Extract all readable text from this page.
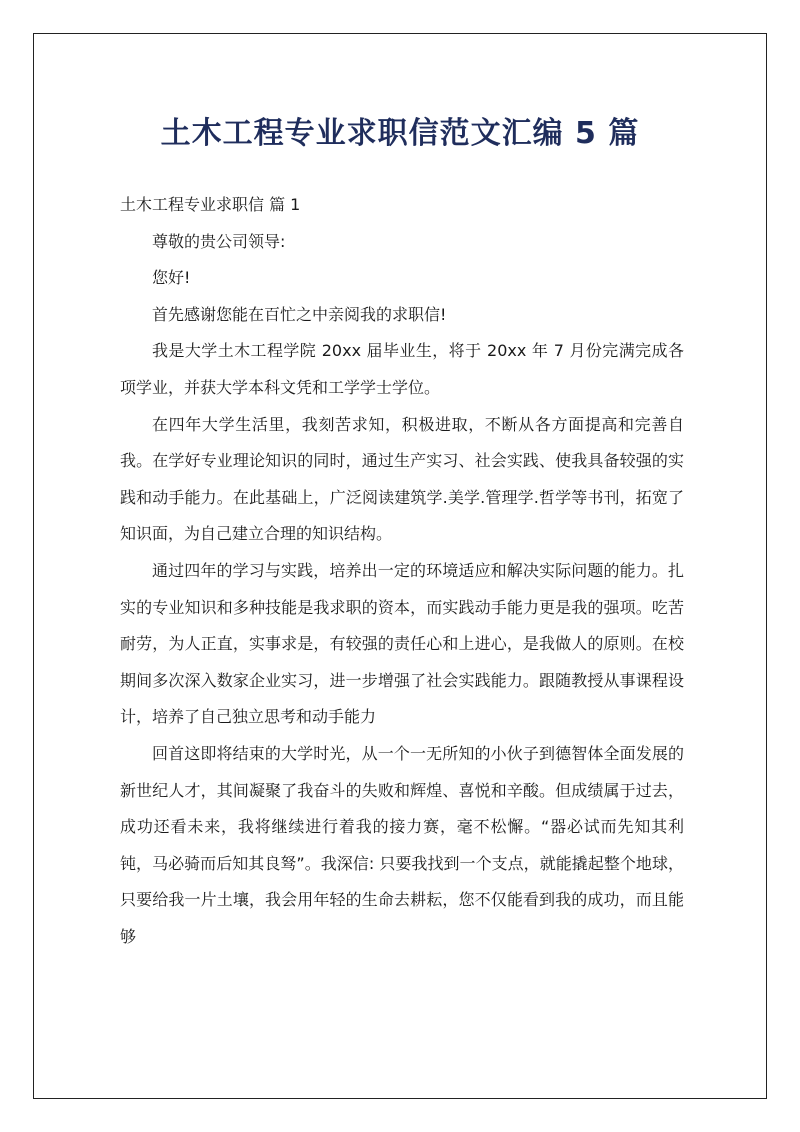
土木工程专业求职信范文汇编 5 篇

土木工程专业求职信 篇 1

尊敬的贵公司领导:

您好!

首先感谢您能在百忙之中亲阅我的求职信!

我是大学土木工程学院 20xx 届毕业生，将于 20xx 年 7 月份完满完成各项学业，并获大学本科文凭和工学学士学位。

在四年大学生活里，我刻苦求知，积极进取，不断从各方面提高和完善自我。在学好专业理论知识的同时，通过生产实习、社会实践、使我具备较强的实践和动手能力。在此基础上，广泛阅读建筑学.美学.管理学.哲学等书刊，拓宽了知识面，为自己建立合理的知识结构。

通过四年的学习与实践，培养出一定的环境适应和解决实际问题的能力。扎实的专业知识和多种技能是我求职的资本，而实践动手能力更是我的强项。吃苦耐劳，为人正直，实事求是，有较强的责任心和上进心，是我做人的原则。在校期间多次深入数家企业实习，进一步增强了社会实践能力。跟随教授从事课程设计，培养了自己独立思考和动手能力

回首这即将结束的大学时光，从一个一无所知的小伙子到德智体全面发展的新世纪人才，其间凝聚了我奋斗的失败和辉煌、喜悦和辛酸。但成绩属于过去，成功还看未来，我将继续进行着我的接力赛，毫不松懈。“器必试而先知其利钝，马必骑而后知其良驽”。我深信: 只要我找到一个支点，就能撬起整个地球，只要给我一片土壤，我会用年轻的生命去耕耘，您不仅能看到我的成功，而且能够
